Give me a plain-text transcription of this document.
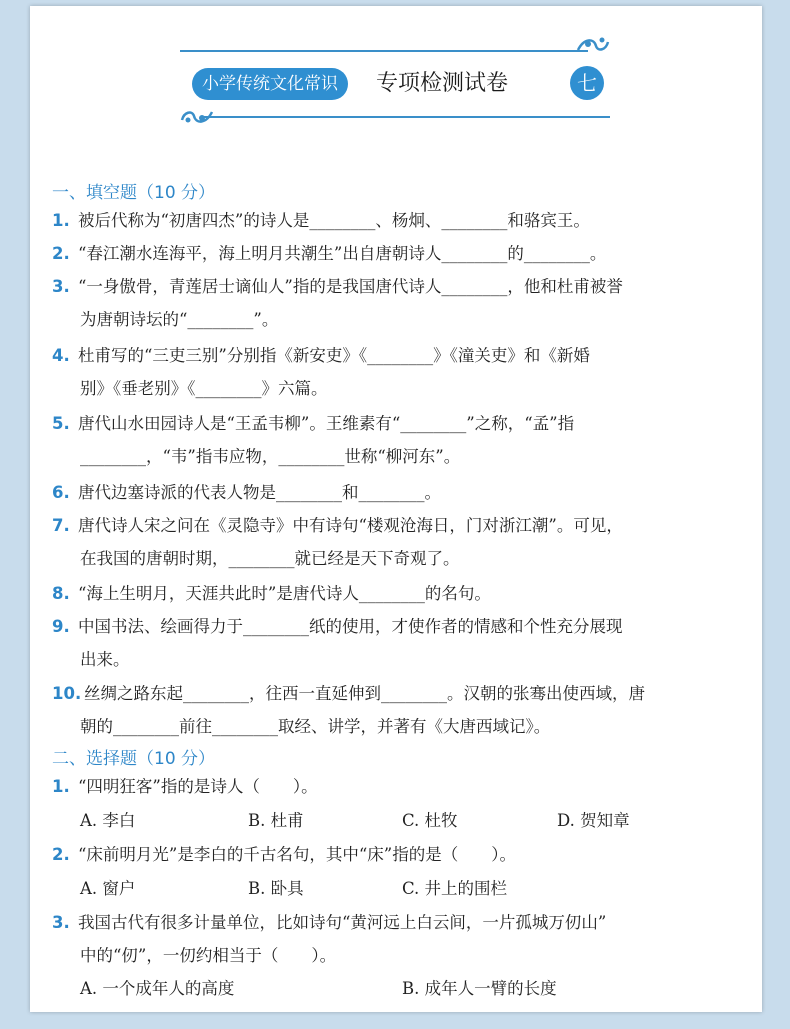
小学传统文化常识	专项检测试卷	七
一、填空题（10 分）
1. 被后代称为“初唐四杰”的诗人是________、杨炯、________和骆宾王。
2. “春江潮水连海平，海上明月共潮生”出自唐朝诗人________的________。
3. “一身傲骨，青莲居士谪仙人”指的是我国唐代诗人________，他和杜甫被誉
为唐朝诗坛的“________”。
4. 杜甫写的“三吏三别”分别指《新安吏》《________》《潼关吏》和《新婚
别》《垂老别》《________》六篇。
5. 唐代山水田园诗人是“王孟韦柳”。王维素有“________”之称，“孟”指
________，“韦”指韦应物，________世称“柳河东”。
6. 唐代边塞诗派的代表人物是________和________。
7. 唐代诗人宋之问在《灵隐寺》中有诗句“楼观沧海日，门对浙江潮”。可见，
在我国的唐朝时期，________就已经是天下奇观了。
8. “海上生明月，天涯共此时”是唐代诗人________的名句。
9. 中国书法、绘画得力于________纸的使用，才使作者的情感和个性充分展现
出来。
10. 丝绸之路东起________，往西一直延伸到________。汉朝的张骞出使西域，唐
朝的________前往________取经、讲学，并著有《大唐西域记》。
二、选择题（10 分）
1. “四明狂客”指的是诗人（　　）。
A. 李白	B. 杜甫	C. 杜牧	D. 贺知章
2. “床前明月光”是李白的千古名句，其中“床”指的是（　　）。
A. 窗户	B. 卧具	C. 井上的围栏
3. 我国古代有很多计量单位，比如诗句“黄河远上白云间，一片孤城万仞山”
中的“仞”，一仞约相当于（　　）。
A. 一个成年人的高度	B. 成年人一臂的长度
